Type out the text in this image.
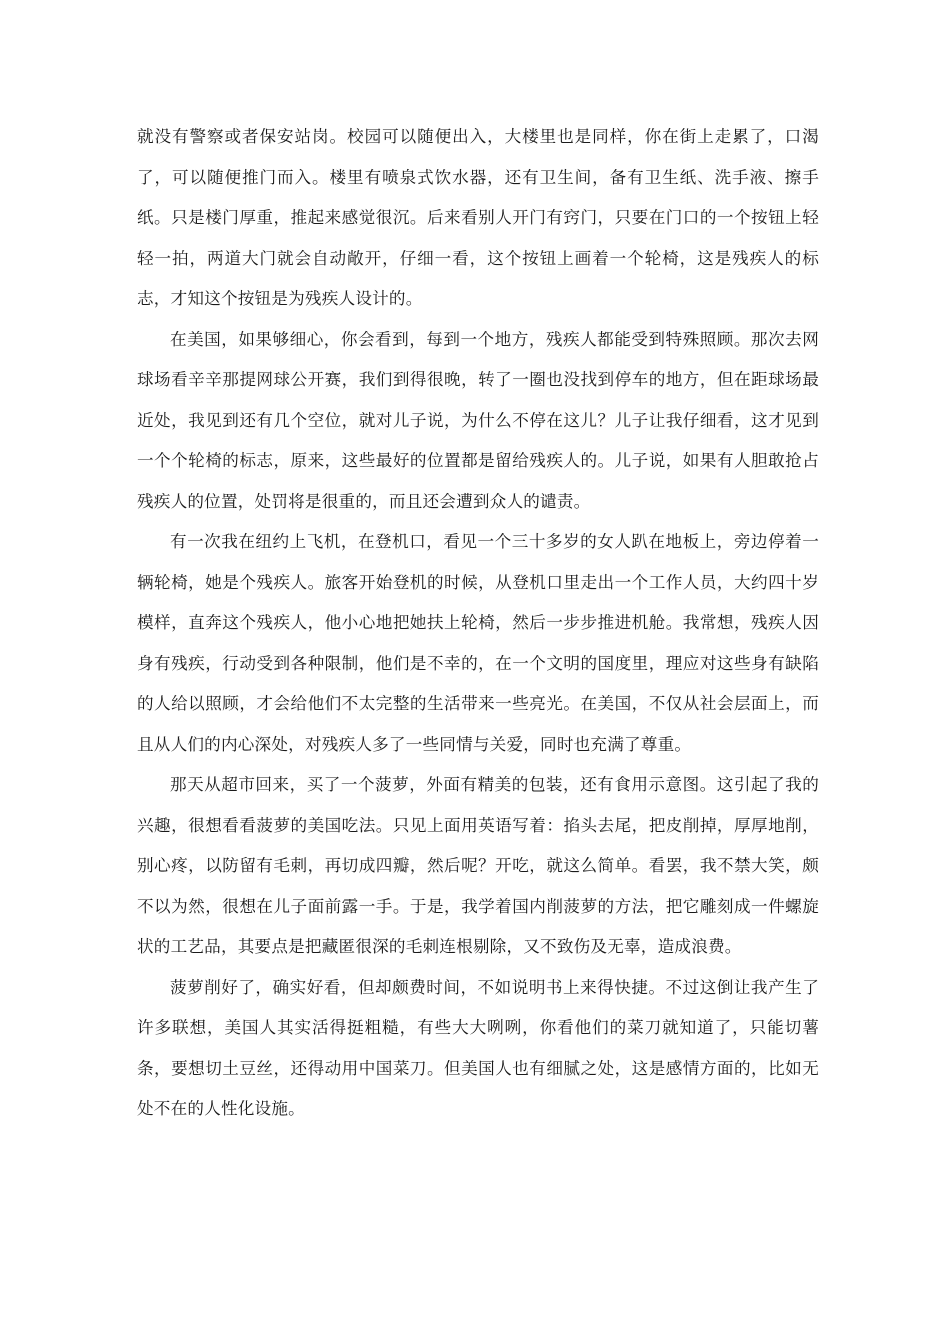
就没有警察或者保安站岗。校园可以随便出入，大楼里也是同样，你在街上走累了，口渴了，可以随便推门而入。楼里有喷泉式饮水器，还有卫生间，备有卫生纸、洗手液、擦手纸。只是楼门厚重，推起来感觉很沉。后来看别人开门有窍门，只要在门口的一个按钮上轻轻一拍，两道大门就会自动敞开，仔细一看，这个按钮上画着一个轮椅，这是残疾人的标志，才知这个按钮是为残疾人设计的。

在美国，如果够细心，你会看到，每到一个地方，残疾人都能受到特殊照顾。那次去网球场看辛辛那提网球公开赛，我们到得很晚，转了一圈也没找到停车的地方，但在距球场最近处，我见到还有几个空位，就对儿子说，为什么不停在这儿？儿子让我仔细看，这才见到一个个轮椅的标志，原来，这些最好的位置都是留给残疾人的。儿子说，如果有人胆敢抢占残疾人的位置，处罚将是很重的，而且还会遭到众人的谴责。

有一次我在纽约上飞机，在登机口，看见一个三十多岁的女人趴在地板上，旁边停着一辆轮椅，她是个残疾人。旅客开始登机的时候，从登机口里走出一个工作人员，大约四十岁模样，直奔这个残疾人，他小心地把她扶上轮椅，然后一步步推进机舱。我常想，残疾人因身有残疾，行动受到各种限制，他们是不幸的，在一个文明的国度里，理应对这些身有缺陷的人给以照顾，才会给他们不太完整的生活带来一些亮光。在美国，不仅从社会层面上，而且从人们的内心深处，对残疾人多了一些同情与关爱，同时也充满了尊重。

那天从超市回来，买了一个菠萝，外面有精美的包装，还有食用示意图。这引起了我的兴趣，很想看看菠萝的美国吃法。只见上面用英语写着：掐头去尾，把皮削掉，厚厚地削，别心疼，以防留有毛刺，再切成四瓣，然后呢？开吃，就这么简单。看罢，我不禁大笑，颇不以为然，很想在儿子面前露一手。于是，我学着国内削菠萝的方法，把它雕刻成一件螺旋状的工艺品，其要点是把藏匿很深的毛刺连根剔除，又不致伤及无辜，造成浪费。

菠萝削好了，确实好看，但却颇费时间，不如说明书上来得快捷。不过这倒让我产生了许多联想，美国人其实活得挺粗糙，有些大大咧咧，你看他们的菜刀就知道了，只能切薯条，要想切土豆丝，还得动用中国菜刀。但美国人也有细腻之处，这是感情方面的，比如无处不在的人性化设施。
